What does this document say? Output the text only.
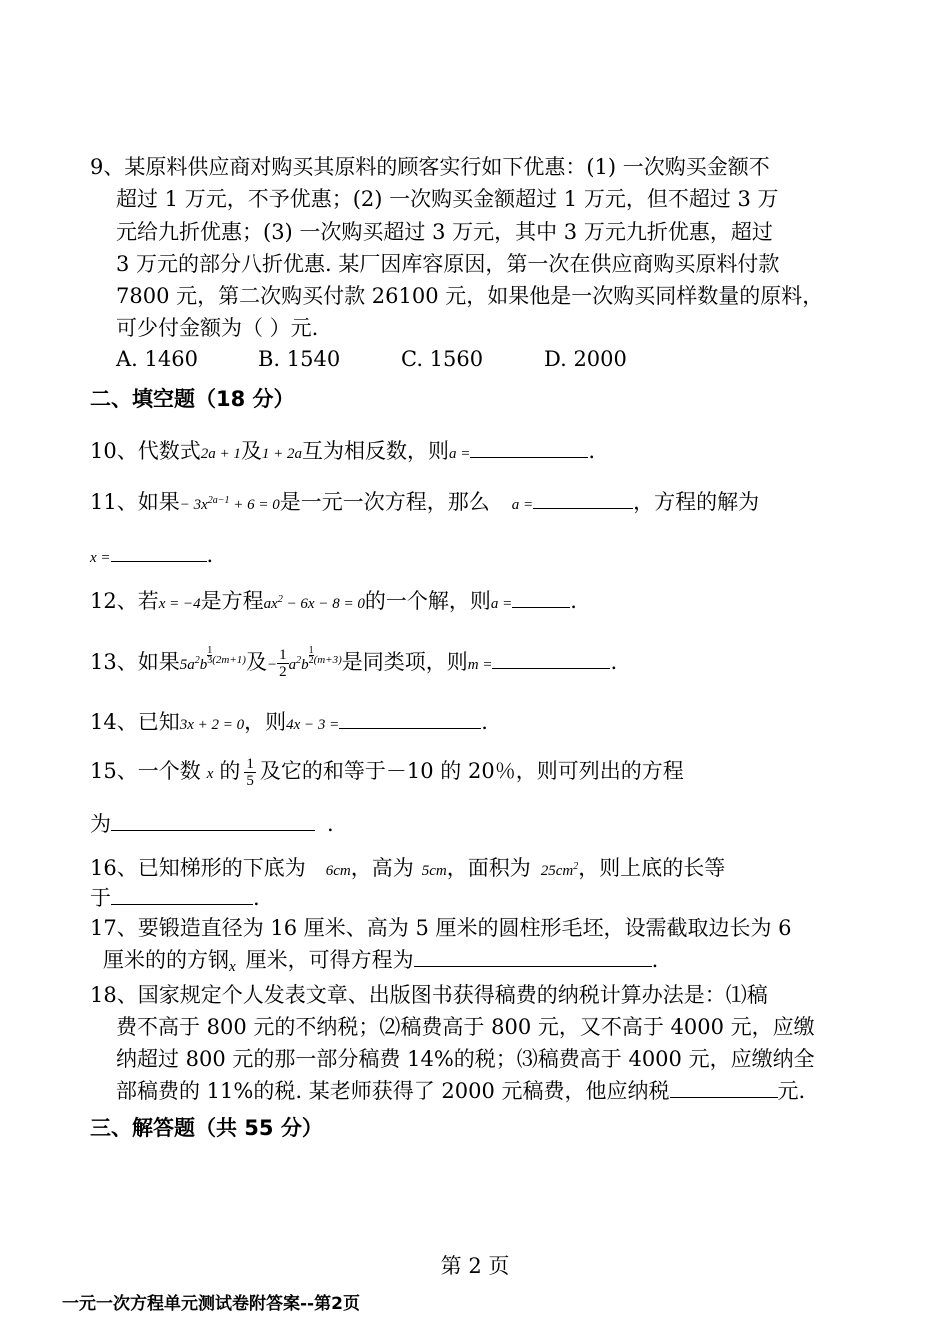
9、某原料供应商对购买其原料的顾客实行如下优惠：(1) 一次购买金额不
超过 1 万元，不予优惠；(2) 一次购买金额超过 1 万元，但不超过 3 万
元给九折优惠；(3) 一次购买超过 3 万元，其中 3 万元九折优惠，超过
3 万元的部分八折优惠. 某厂因库容原因，第一次在供应商购买原料付款
7800 元，第二次购买付款 26100 元，如果他是一次购买同样数量的原料，
可少付金额为（ ）元.
A. 1460	B. 1540	C. 1560	D. 2000
二、填空题（18 分）
10、代数式2a + 1及1 + 2a互为相反数，则a =	.
11、如果− $3x^{2a-1} + 6 = 0$是一元一次方程，那么 a =	，方程的解为
x =	.
12、若x = −4是方程$ax^2 - 6x - 8 = 0$的一个解，则a =	.
13、如果$5a^2b \frac{1}{3} ^{(2m+1)}$及− $\frac{1}{2} a^2b \frac{1}{2} ^{(m+3)}$是同类项，则m =	.
14、已知3x + 2 = 0，则4x − 3 =	.
15、一个数 x 的 $\frac{1}{5}$ 及它的和等于－10 的 20％，则可列出的方程
为	.
16、已知梯形的下底为 6cm，高为 5cm，面积为 $25cm^2$，则上底的长等
于	.
17、要锻造直径为 16 厘米、高为 5 厘米的圆柱形毛坯，设需截取边长为 6
厘米的的方钢x 厘米，可得方程为	.
18、国家规定个人发表文章、出版图书获得稿费的纳税计算办法是：⑴稿
费不高于 800 元的不纳税；⑵稿费高于 800 元，又不高于 4000 元，应缴
纳超过 800 元的那一部分稿费 14%的税；⑶稿费高于 4000 元，应缴纳全
部稿费的 11%的税. 某老师获得了 2000 元稿费，他应纳税	元.
三、解答题（共 55 分）
第 2 页
一元一次方程单元测试卷附答案--第2页
